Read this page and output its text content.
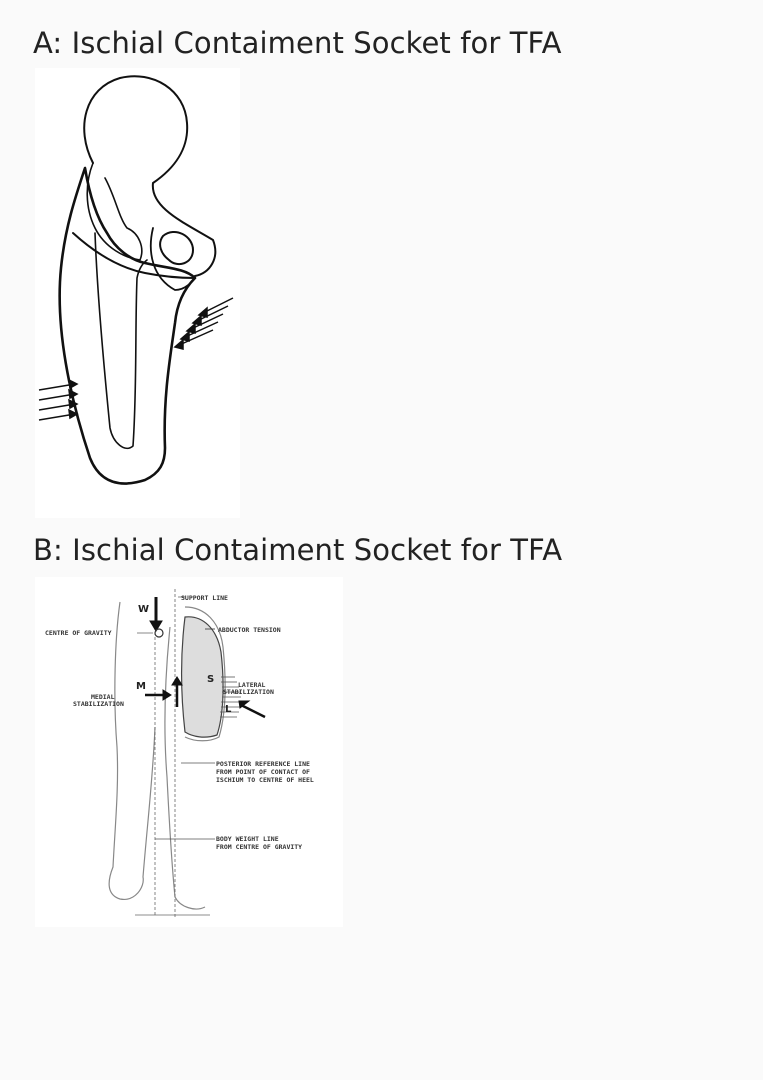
A: Ischial Contaiment Socket for TFA
B: Ischial Contaiment Socket for TFA
SUPPORT LINE
CENTRE OF GRAVITY	ABDUCTOR TENSION
LATERAL
STABILIZATION
MEDIAL
STABILIZATION
POSTERIOR REFERENCE LINE
FROM POINT OF CONTACT OF
ISCHIUM TO CENTRE OF HEEL
BODY WEIGHT LINE
FROM CENTRE OF GRAVITY
W
M
S
L
